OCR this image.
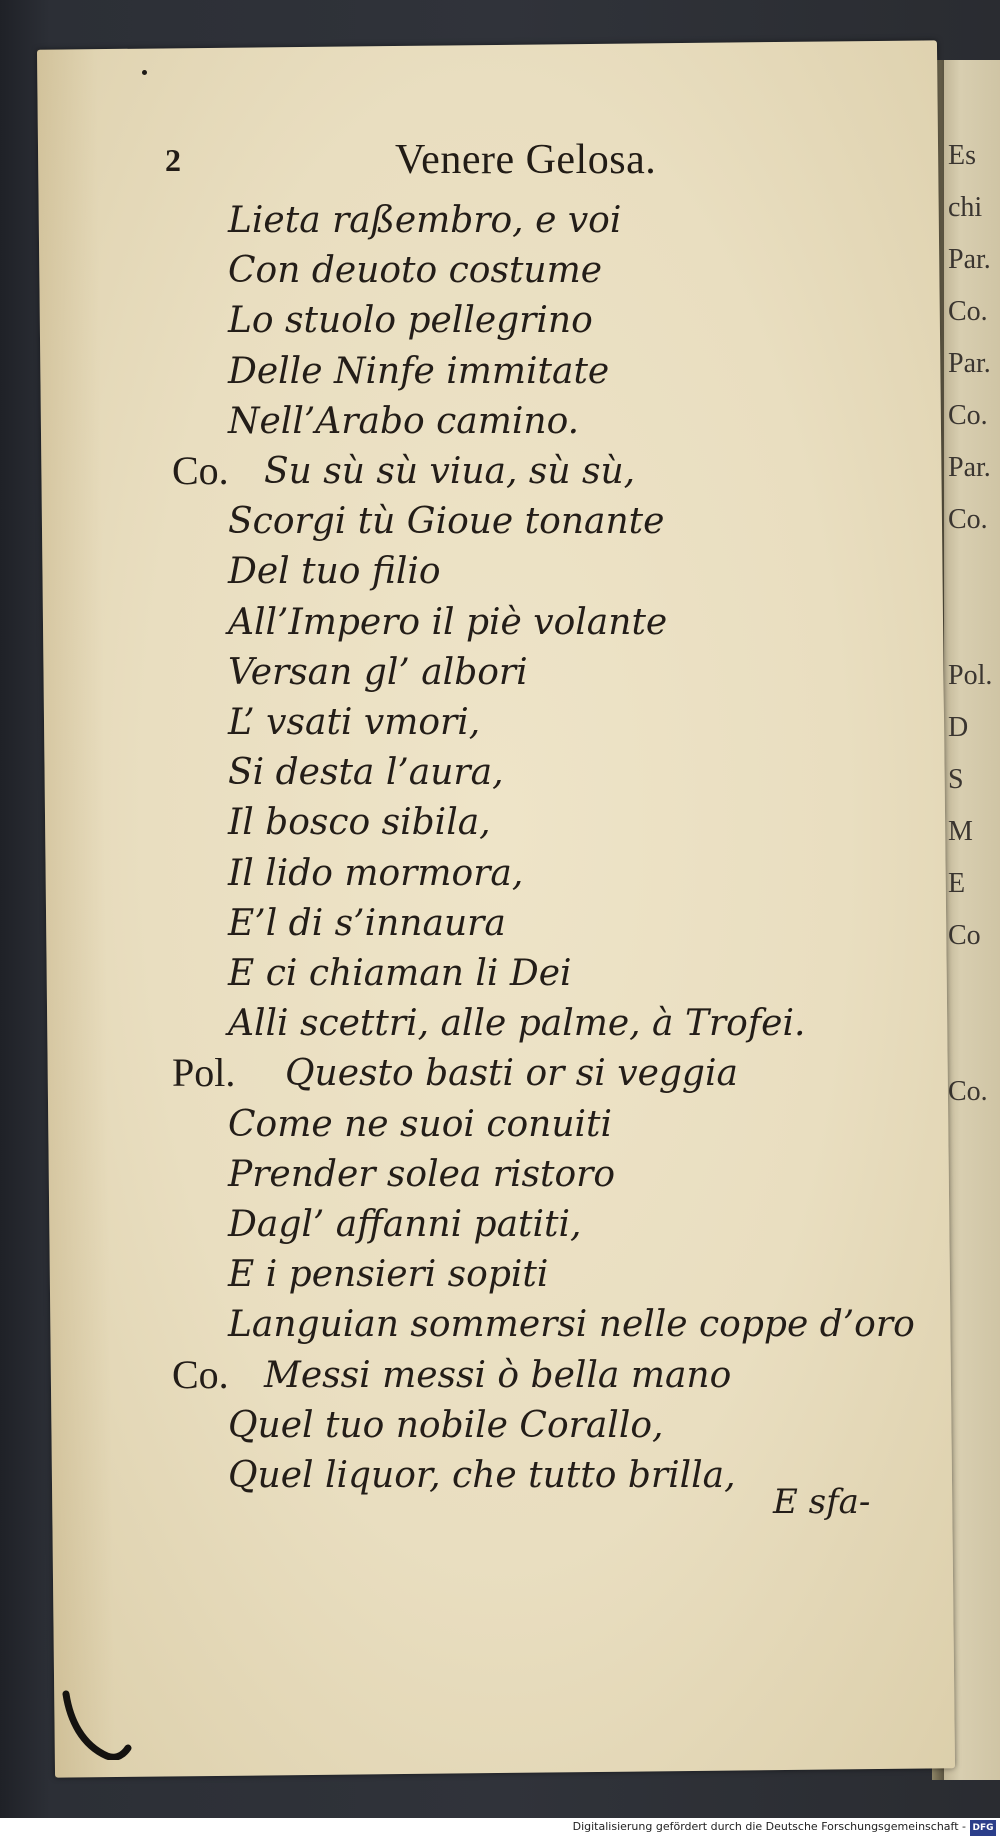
Es
chi
Par.
Co.
Par.
Co.
Par.
Co.
Pol.
D
S
M
E
Co
Co.
2	Venere Gelosa.
Lieta raßembro, e voi
Con deuoto costume
Lo stuolo pellegrino
Delle Ninfe immitate
Nell’Arabo camino.
Co. Su sù sù viua, sù sù,
Scorgi tù Gioue tonante
Del tuo filio
All’Impero il piè volante
Versan gl’ albori
L’ vsati vmori,
Si desta l’aura,
Il bosco sibila,
Il lido mormora,
E’l di s’innaura
E ci chiaman li Dei
Alli scettri, alle palme, à Trofei.
Pol. Questo basti or si veggia
Come ne suoi conuiti
Prender solea ristoro
Dagl’ affanni patiti,
E i pensieri sopiti
Languian sommersi nelle coppe d’oro
Co. Messi messi ò bella mano
Quel tuo nobile Corallo,
Quel liquor, che tutto brilla,
E sfa-
Digitalisierung gefördert durch die Deutsche Forschungsgemeinschaft - DFG
